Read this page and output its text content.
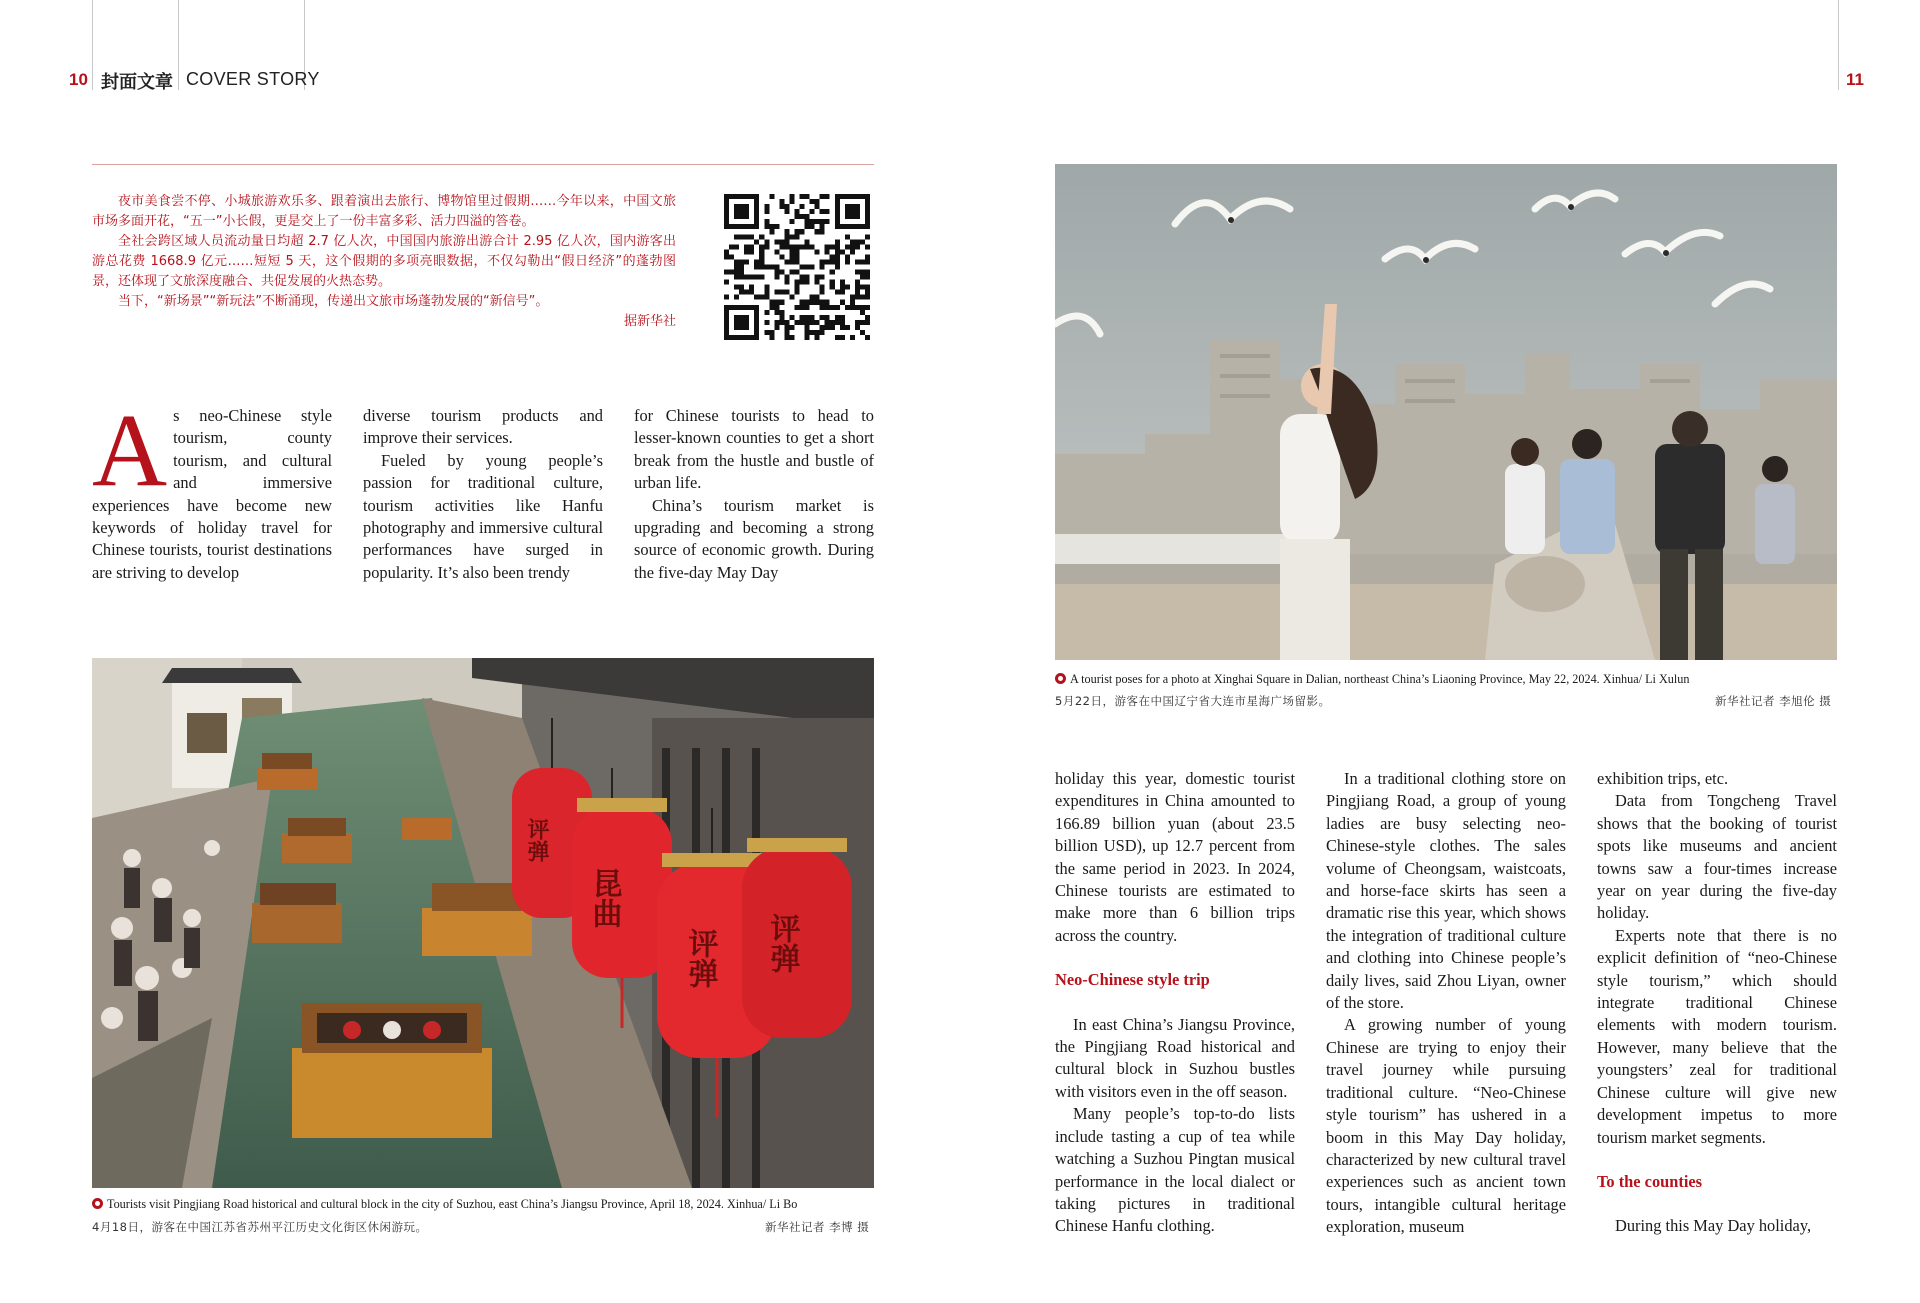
10 封面文章 COVER STORY	11

夜市美食尝不停、小城旅游欢乐多、跟着演出去旅行、博物馆里过假期……今年以来，中国文旅市场多面开花，“五一”小长假，更是交上了一份丰富多彩、活力四溢的答卷。

全社会跨区域人员流动量日均超 2.7 亿人次，中国国内旅游出游合计 2.95 亿人次，国内游客出游总花费 1668.9 亿元……短短 5 天，这个假期的多项亮眼数据，不仅勾勒出“假日经济”的蓬勃图景，还体现了文旅深度融合、共促发展的火热态势。

当下，“新场景”“新玩法”不断涌现，传递出文旅市场蓬勃发展的“新信号”。

据新华社

As neo-Chinese style tourism, county tourism, and cultural and immersive experiences have become new keywords of holiday travel for Chinese tourists, tourist destinations are striving to develop

diverse tourism products and improve their services.

Fueled by young people’s passion for traditional culture, tourism activities like Hanfu photography and immersive cultural performances have surged in popularity. It’s also been trendy

for Chinese tourists to head to lesser-known counties to get a short break from the hustle and bustle of urban life.

China’s tourism market is upgrading and becoming a strong source of economic growth. During the five-day May Day

holiday this year, domestic tourist expenditures in China amounted to 166.89 billion yuan (about 23.5 billion USD), up 12.7 percent from the same period in 2023. In 2024, Chinese tourists are estimated to make more than 6 billion trips across the country.

Neo-Chinese style trip

In east China’s Jiangsu Province, the Pingjiang Road historical and cultural block in Suzhou bustles with visitors even in the off season.

Many people’s top-to-do lists include tasting a cup of tea while watching a Suzhou Pingtan musical performance in the local dialect or taking pictures in traditional Chinese Hanfu clothing.

In a traditional clothing store on Pingjiang Road, a group of young ladies are busy selecting neo-Chinese-style clothes. The sales volume of Cheongsam, waistcoats, and horse-face skirts has seen a dramatic rise this year, which shows the integration of traditional culture and clothing into Chinese people’s daily lives, said Zhou Liyan, owner of the store.

A growing number of young Chinese are trying to enjoy their travel journey while pursuing traditional culture. “Neo-Chinese style tourism” has ushered in a boom in this May Day holiday, characterized by new cultural travel experiences such as ancient town tours, intangible cultural heritage exploration, museum

exhibition trips, etc.

Data from Tongcheng Travel shows that the booking of tourist spots like museums and ancient towns saw a four-times increase year on year during the five-day holiday.

Experts note that there is no explicit definition of “neo-Chinese style tourism,” which should integrate traditional Chinese elements with modern tourism. However, many believe that the youngsters’ zeal for traditional Chinese culture will give new development impetus to more tourism market segments.

To the counties

During this May Day holiday,

昆曲
评弹 评弹
评弹
Tourists visit Pingjiang Road historical and cultural block in the city of Suzhou, east China’s Jiangsu Province, April 18, 2024. Xinhua/ Li Bo
4月18日，游客在中国江苏省苏州平江历史文化街区休闲游玩。	新华社记者 李博 摄
A tourist poses for a photo at Xinghai Square in Dalian, northeast China’s Liaoning Province, May 22, 2024. Xinhua/ Li Xulun
5月22日，游客在中国辽宁省大连市星海广场留影。	新华社记者 李旭伦 摄
